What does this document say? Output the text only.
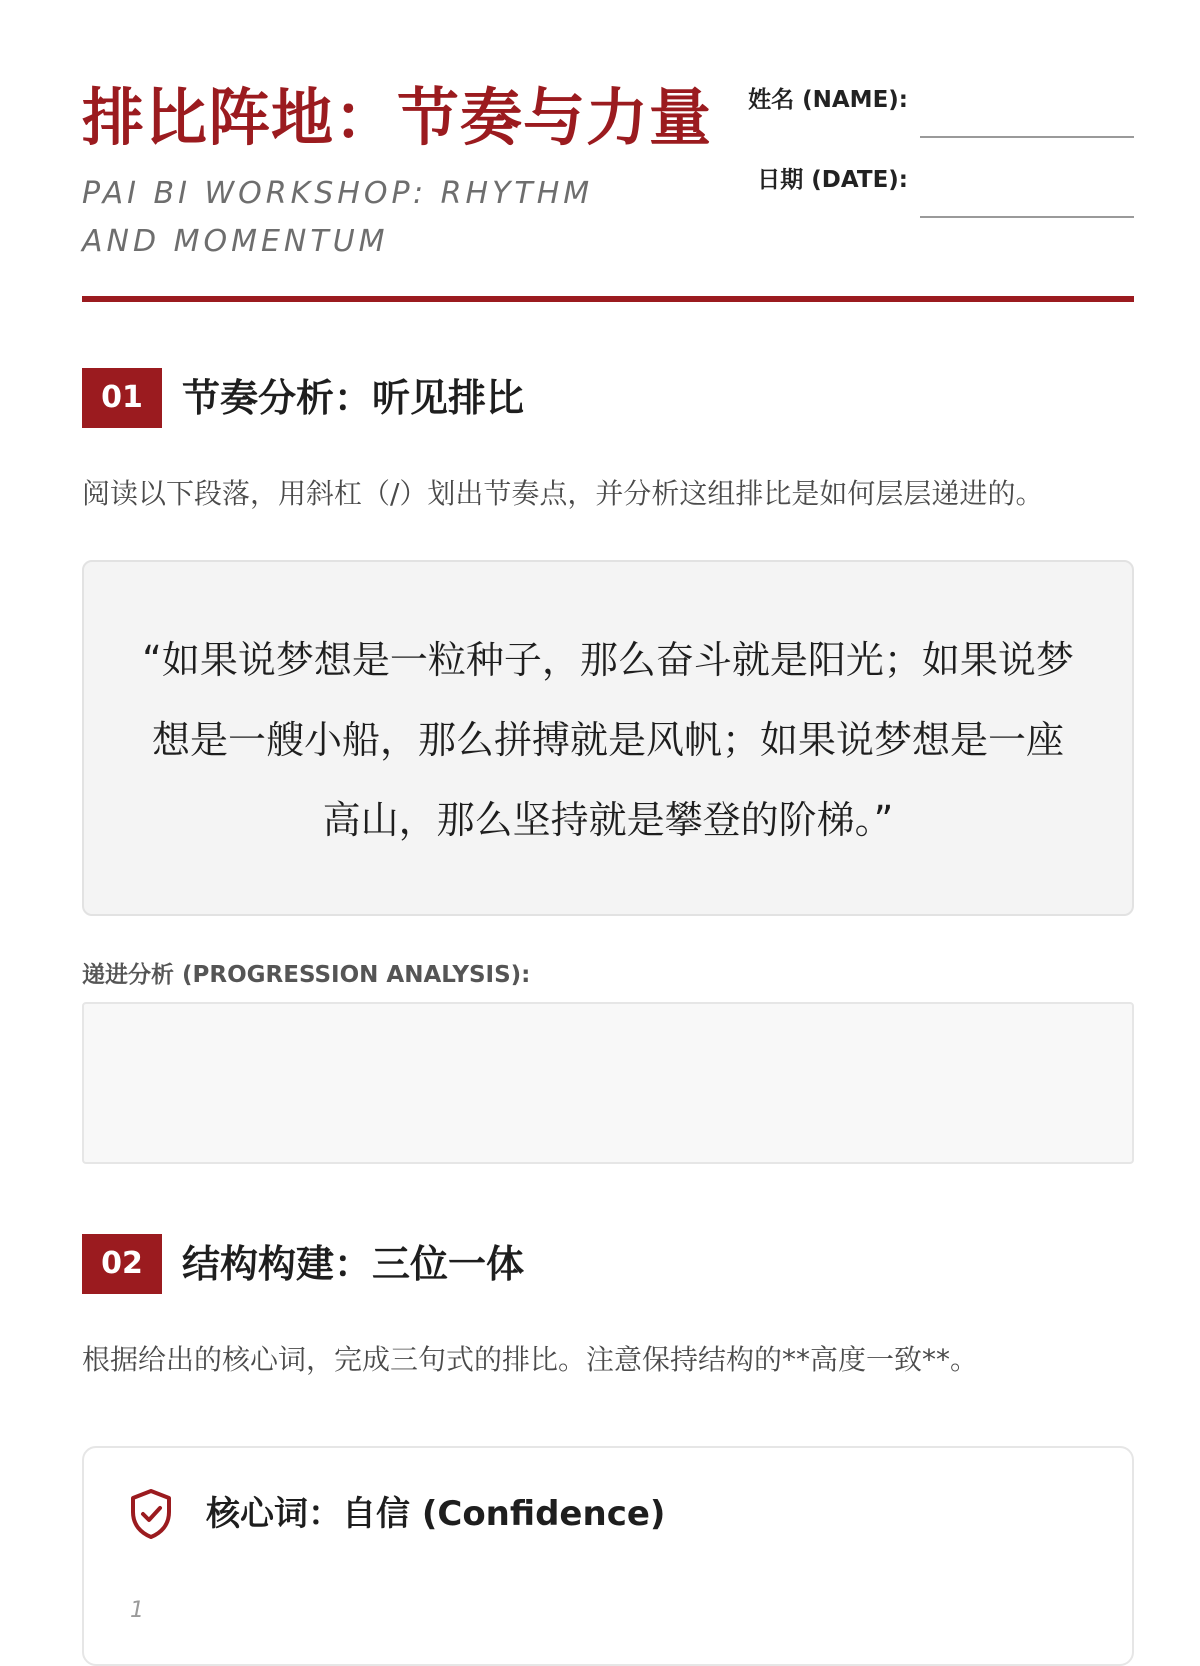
排比阵地：节奏与力量
PAI BI WORKSHOP: RHYTHM AND MOMENTUM
姓名 (NAME):
日期 (DATE):
01	节奏分析：听见排比
阅读以下段落，用斜杠（/）划出节奏点，并分析这组排比是如何层层递进的。
“如果说梦想是一粒种子，那么奋斗就是阳光；如果说梦想是一艘小船，那么拼搏就是风帆；如果说梦想是一座高山，那么坚持就是攀登的阶梯。”
递进分析 (PROGRESSION ANALYSIS):
02	结构构建：三位一体
根据给出的核心词，完成三句式的排比。注意保持结构的**高度一致**。
核心词：自信 (Confidence)
1
